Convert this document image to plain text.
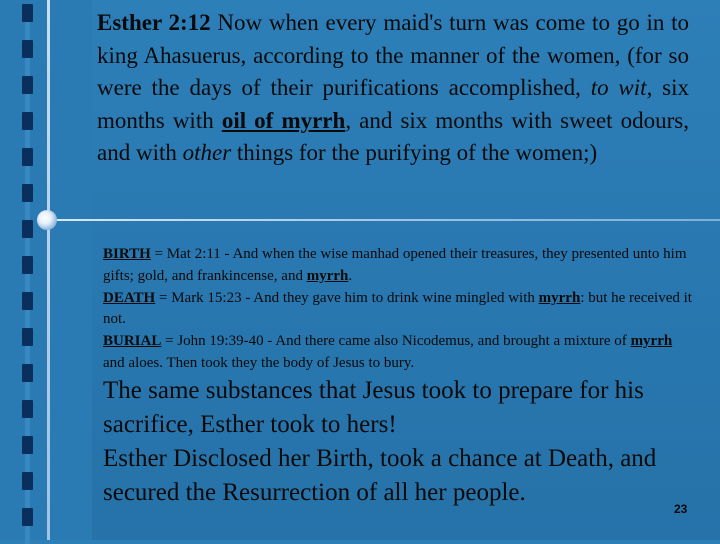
Esther 2:12 Now when every maid's turn was come to go in to king Ahasuerus, according to the manner of the women, (for so were the days of their purifications accomplished, to wit, six months with oil of myrrh, and six months with sweet odours, and with other things for the purifying of the women;)
BIRTH = Mat 2:11 - And when the wise manhad opened their treasures, they presented unto him gifts; gold, and frankincense, and myrrh.
DEATH = Mark 15:23 - And they gave him to drink wine mingled with myrrh: but he received it not.
BURIAL = John 19:39-40 - And there came also Nicodemus, and brought a mixture of myrrh and aloes. Then took they the body of Jesus to bury.
The same substances that Jesus took to prepare for his sacrifice, Esther took to hers!
Esther Disclosed her Birth, took a chance at Death, and secured the Resurrection of all her people.
23
